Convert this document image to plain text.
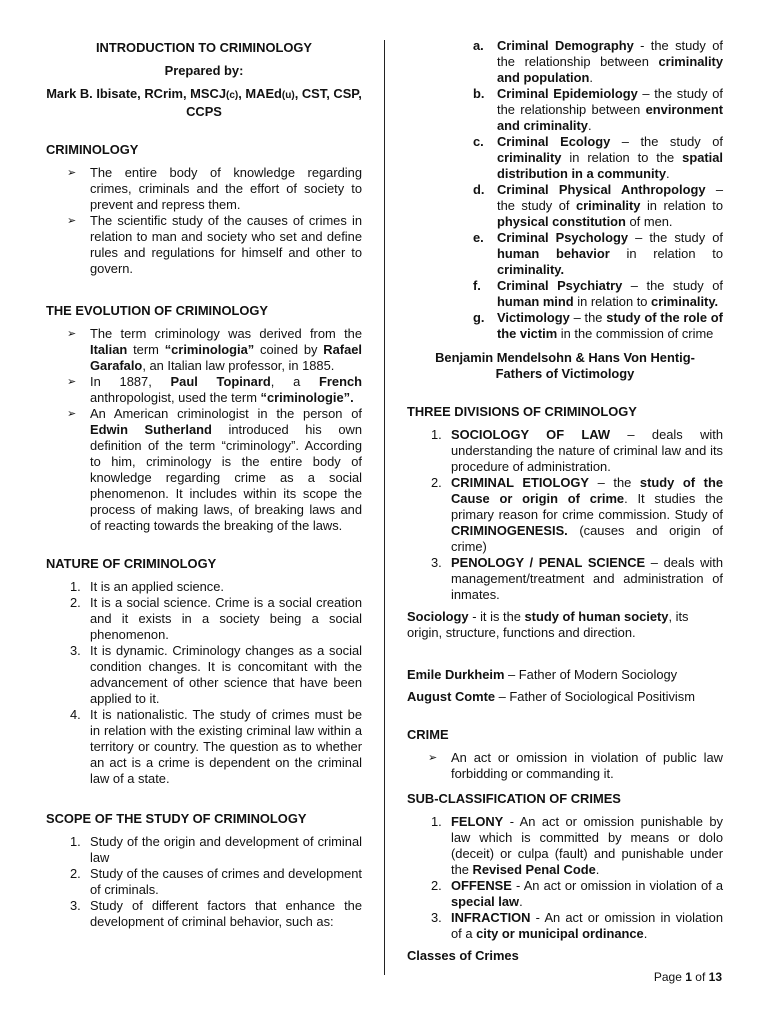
INTRODUCTION TO CRIMINOLOGY
Prepared by:
Mark B. Ibisate, RCrim, MSCJ(c), MAEd(u), CST, CSP, CCPS
CRIMINOLOGY
➢ The entire body of knowledge regarding crimes, criminals and the effort of society to prevent and repress them.
➢ The scientific study of the causes of crimes in relation to man and society who set and define rules and regulations for himself and other to govern.
THE EVOLUTION OF CRIMINOLOGY
➢ The term criminology was derived from the Italian term “criminologia” coined by Rafael Garafalo, an Italian law professor, in 1885.
➢ In 1887, Paul Topinard, a French anthropologist, used the term “criminologie”.
➢ An American criminologist in the person of Edwin Sutherland introduced his own definition of the term “criminology”. According to him, criminology is the entire body of knowledge regarding crime as a social phenomenon. It includes within its scope the process of making laws, of breaking laws and of reacting towards the breaking of the laws.
NATURE OF CRIMINOLOGY
1. It is an applied science.
2. It is a social science. Crime is a social creation and it exists in a society being a social phenomenon.
3. It is dynamic. Criminology changes as a social condition changes. It is concomitant with the advancement of other science that have been applied to it.
4. It is nationalistic. The study of crimes must be in relation with the existing criminal law within a territory or country. The question as to whether an act is a crime is dependent on the criminal law of a state.
SCOPE OF THE STUDY OF CRIMINOLOGY
1. Study of the origin and development of criminal law
2. Study of the causes of crimes and development of criminals.
3. Study of different factors that enhance the development of criminal behavior, such as:
a. Criminal Demography - the study of the relationship between criminality and population.
b. Criminal Epidemiology – the study of the relationship between environment and criminality.
c. Criminal Ecology – the study of criminality in relation to the spatial distribution in a community.
d. Criminal Physical Anthropology – the study of criminality in relation to physical constitution of men.
e. Criminal Psychology – the study of human behavior in relation to criminality.
f. Criminal Psychiatry – the study of human mind in relation to criminality.
g. Victimology – the study of the role of the victim in the commission of crime
Benjamin Mendelsohn & Hans Von Hentig- Fathers of Victimology
THREE DIVISIONS OF CRIMINOLOGY
1. SOCIOLOGY OF LAW – deals with understanding the nature of criminal law and its procedure of administration.
2. CRIMINAL ETIOLOGY – the study of the Cause or origin of crime. It studies the primary reason for crime commission. Study of CRIMINOGENESIS. (causes and origin of crime)
3. PENOLOGY / PENAL SCIENCE – deals with management/treatment and administration of inmates.
Sociology - it is the study of human society, its origin, structure, functions and direction.
Emile Durkheim – Father of Modern Sociology
August Comte – Father of Sociological Positivism
CRIME
➢ An act or omission in violation of public law forbidding or commanding it.
SUB-CLASSIFICATION OF CRIMES
1. FELONY - An act or omission punishable by law which is committed by means or dolo (deceit) or culpa (fault) and punishable under the Revised Penal Code.
2. OFFENSE - An act or omission in violation of a special law.
3. INFRACTION - An act or omission in violation of a city or municipal ordinance.
Classes of Crimes
Page 1 of 13
